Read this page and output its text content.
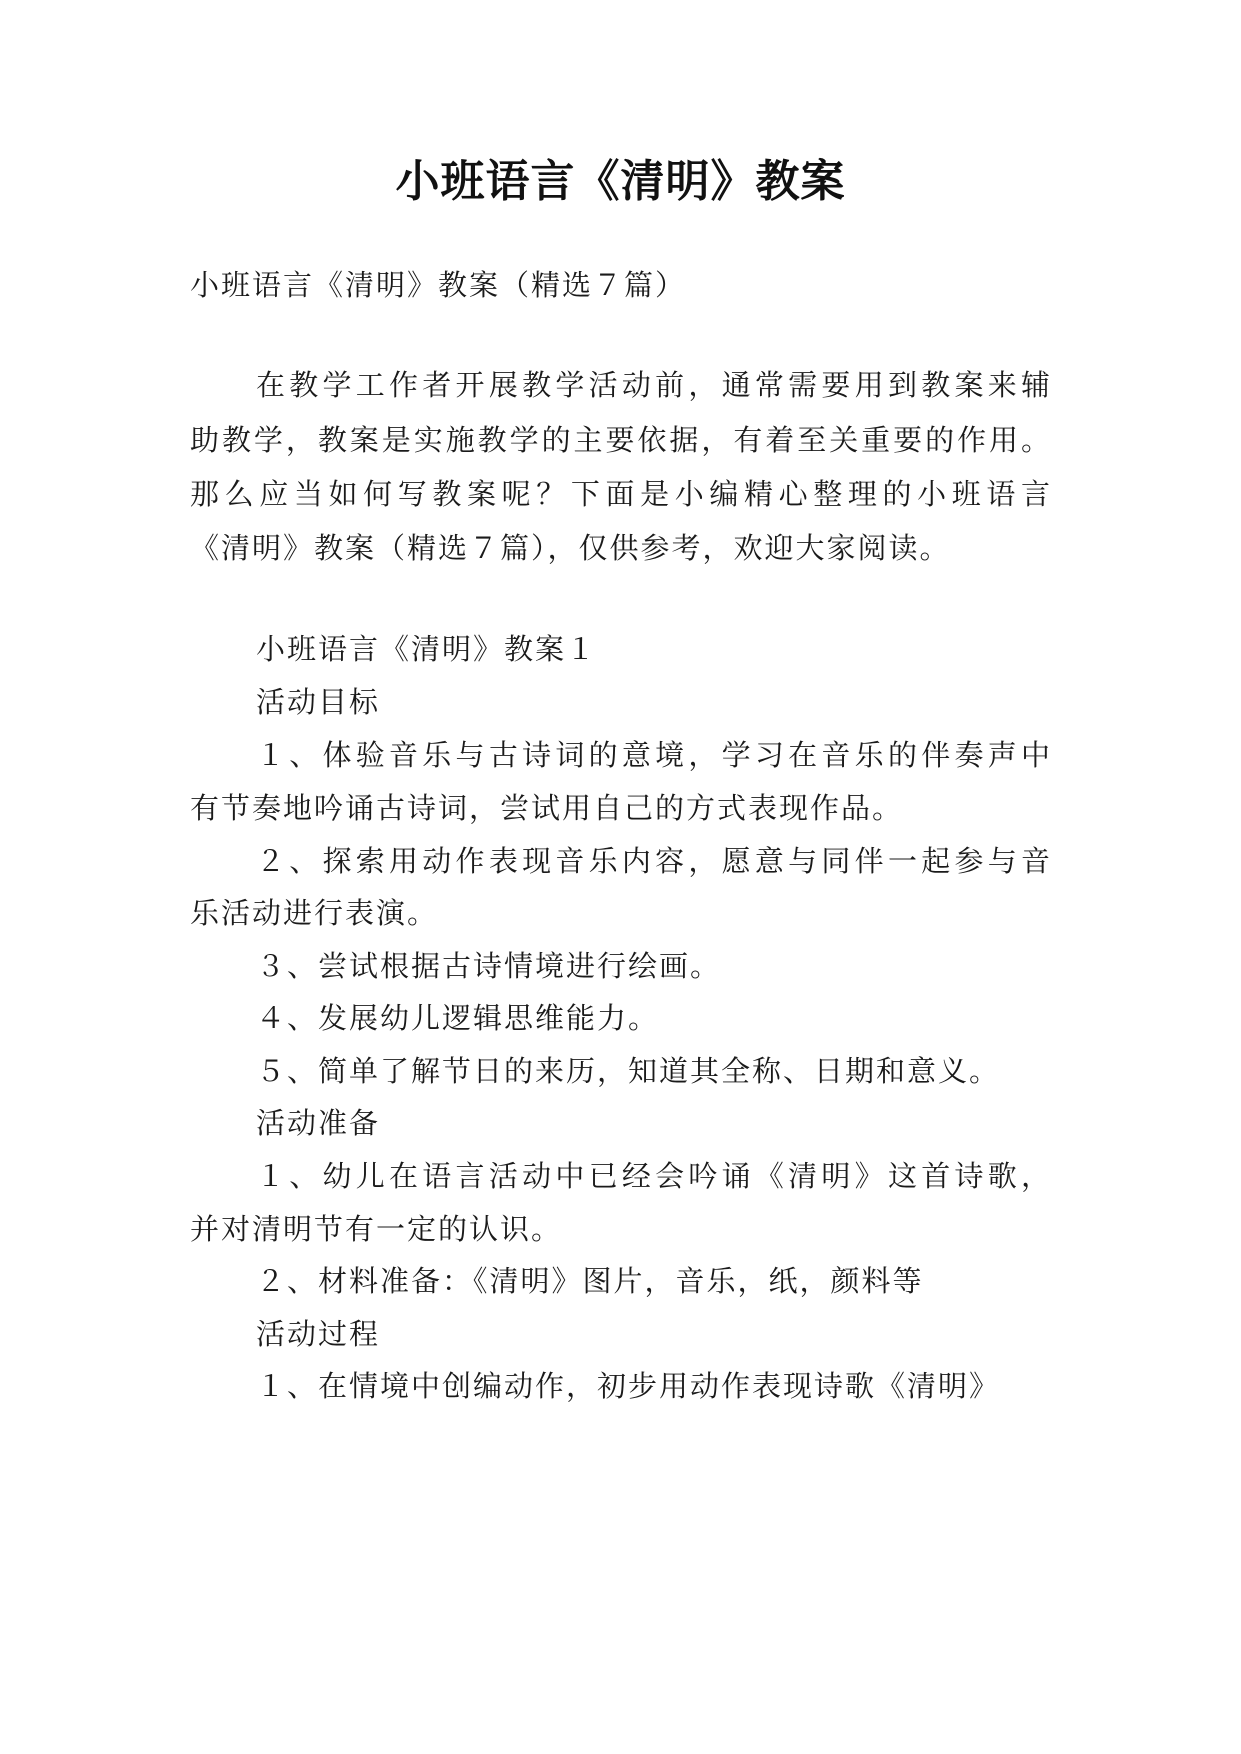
小班语言《清明》教案
小班语言《清明》教案（精选７篇）
在教学工作者开展教学活动前，通常需要用到教案来辅
助教学，教案是实施教学的主要依据，有着至关重要的作用。
那么应当如何写教案呢？下面是小编精心整理的小班语言
《清明》教案（精选７篇），仅供参考，欢迎大家阅读。
小班语言《清明》教案１
活动目标
１、体验音乐与古诗词的意境，学习在音乐的伴奏声中
有节奏地吟诵古诗词，尝试用自己的方式表现作品。
２、探索用动作表现音乐内容，愿意与同伴一起参与音
乐活动进行表演。
３、尝试根据古诗情境进行绘画。
４、发展幼儿逻辑思维能力。
５、简单了解节日的来历，知道其全称、日期和意义。
活动准备
１、幼儿在语言活动中已经会吟诵《清明》这首诗歌，
并对清明节有一定的认识。
２、材料准备：《清明》图片，音乐，纸，颜料等
活动过程
１、在情境中创编动作，初步用动作表现诗歌《清明》
